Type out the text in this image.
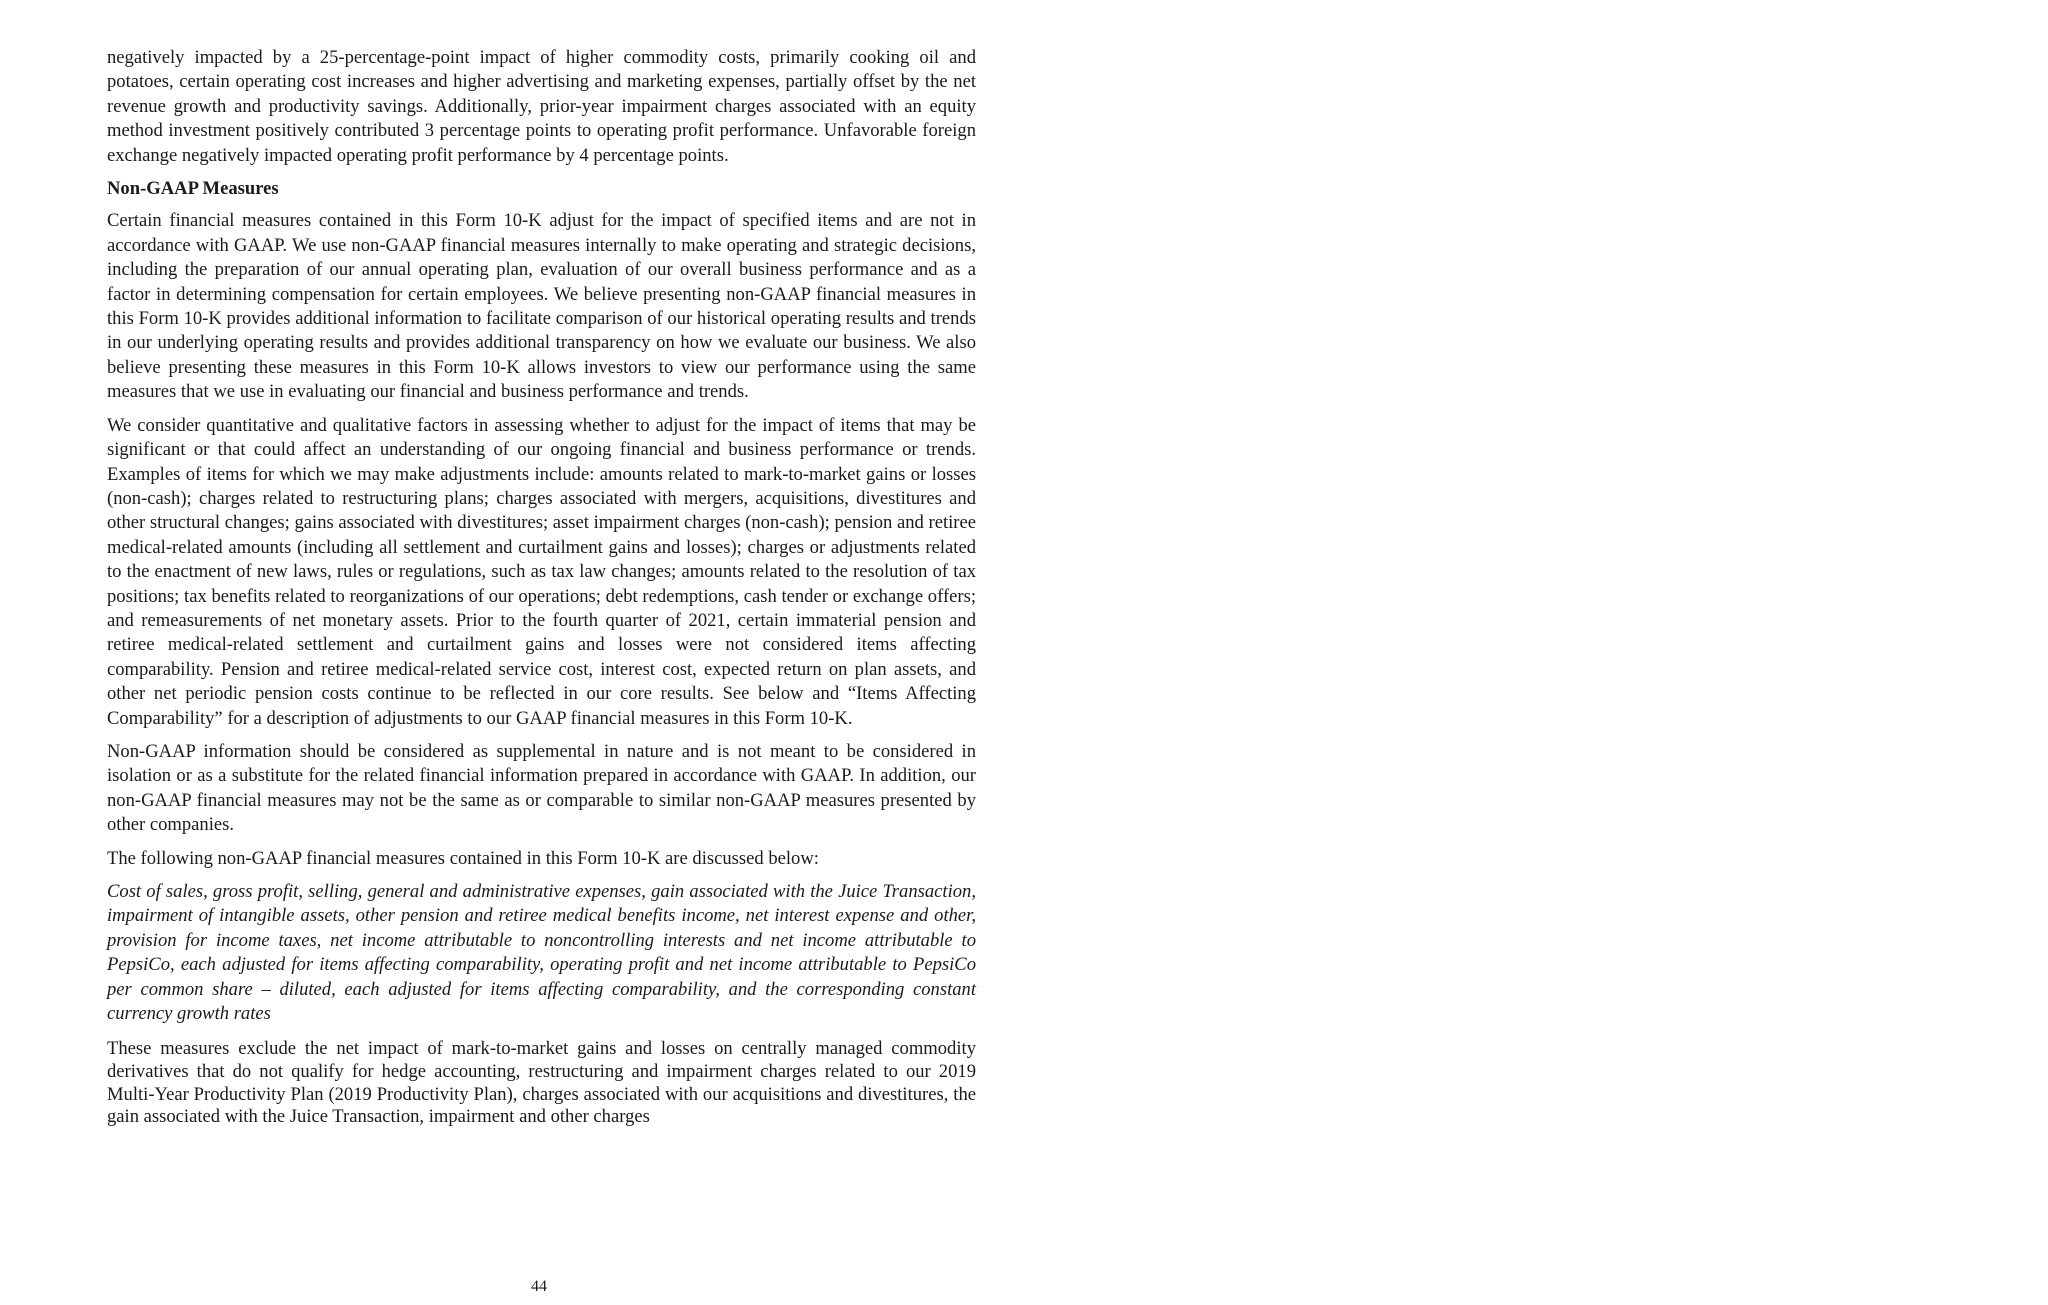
negatively impacted by a 25-percentage-point impact of higher commodity costs, primarily cooking oil and potatoes, certain operating cost increases and higher advertising and marketing expenses, partially offset by the net revenue growth and productivity savings. Additionally, prior-year impairment charges associated with an equity method investment positively contributed 3 percentage points to operating profit performance. Unfavorable foreign exchange negatively impacted operating profit performance by 4 percentage points.

Non-GAAP Measures

Certain financial measures contained in this Form 10-K adjust for the impact of specified items and are not in accordance with GAAP. We use non-GAAP financial measures internally to make operating and strategic decisions, including the preparation of our annual operating plan, evaluation of our overall business performance and as a factor in determining compensation for certain employees. We believe presenting non-GAAP financial measures in this Form 10-K provides additional information to facilitate comparison of our historical operating results and trends in our underlying operating results and provides additional transparency on how we evaluate our business. We also believe presenting these measures in this Form 10-K allows investors to view our performance using the same measures that we use in evaluating our financial and business performance and trends.

We consider quantitative and qualitative factors in assessing whether to adjust for the impact of items that may be significant or that could affect an understanding of our ongoing financial and business performance or trends. Examples of items for which we may make adjustments include: amounts related to mark-to-market gains or losses (non-cash); charges related to restructuring plans; charges associated with mergers, acquisitions, divestitures and other structural changes; gains associated with divestitures; asset impairment charges (non-cash); pension and retiree medical-related amounts (including all settlement and curtailment gains and losses); charges or adjustments related to the enactment of new laws, rules or regulations, such as tax law changes; amounts related to the resolution of tax positions; tax benefits related to reorganizations of our operations; debt redemptions, cash tender or exchange offers; and remeasurements of net monetary assets. Prior to the fourth quarter of 2021, certain immaterial pension and retiree medical-related settlement and curtailment gains and losses were not considered items affecting comparability. Pension and retiree medical-related service cost, interest cost, expected return on plan assets, and other net periodic pension costs continue to be reflected in our core results. See below and “Items Affecting Comparability” for a description of adjustments to our GAAP financial measures in this Form 10-K.

Non-GAAP information should be considered as supplemental in nature and is not meant to be considered in isolation or as a substitute for the related financial information prepared in accordance with GAAP. In addition, our non-GAAP financial measures may not be the same as or comparable to similar non-GAAP measures presented by other companies.

The following non-GAAP financial measures contained in this Form 10-K are discussed below:

Cost of sales, gross profit, selling, general and administrative expenses, gain associated with the Juice Transaction, impairment of intangible assets, other pension and retiree medical benefits income, net interest expense and other, provision for income taxes, net income attributable to noncontrolling interests and net income attributable to PepsiCo, each adjusted for items affecting comparability, operating profit and net income attributable to PepsiCo per common share – diluted, each adjusted for items affecting comparability, and the corresponding constant currency growth rates

These measures exclude the net impact of mark-to-market gains and losses on centrally managed commodity derivatives that do not qualify for hedge accounting, restructuring and impairment charges related to our 2019 Multi-Year Productivity Plan (2019 Productivity Plan), charges associated with our acquisitions and divestitures, the gain associated with the Juice Transaction, impairment and other charges

44
